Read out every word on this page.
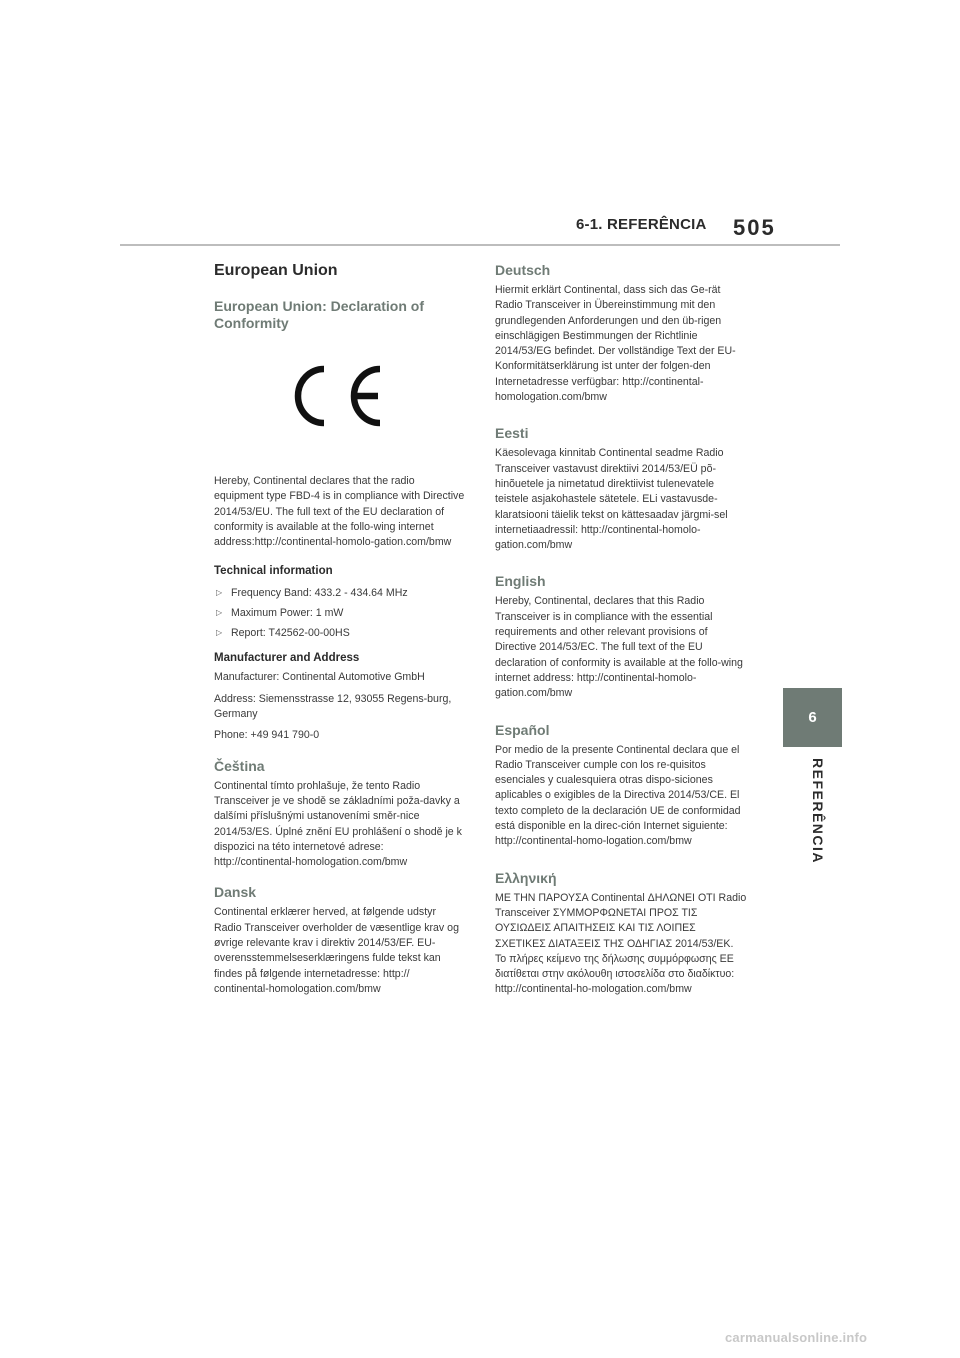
6-1. REFERÊNCIA 505
6
REFERÊNCIA
European Union
European Union: Declaration of Conformity

Hereby, Continental declares that the radio equipment type FBD-4 is in compliance with Directive 2014/53/EU. The full text of the EU declaration of conformity is available at the follo-wing internet address:http://continental-homolo-gation.com/bmw

Technical information
▷ Frequency Band: 433.2 - 434.64 MHz
▷ Maximum Power: 1 mW
▷ Report: T42562-00-00HS
Manufacturer and Address

Manufacturer: Continental Automotive GmbH

Address: Siemensstrasse 12, 93055 Regens-burg, Germany

Phone: +49 941 790-0

Čeština

Continental tímto prohlašuje, že tento Radio Transceiver je ve shodě se základními poža-davky a dalšími příslušnými ustanoveními směr-nice 2014/53/ES. Úplné znění EU prohlášení o shodě je k dispozici na této internetové adrese: http://continental-homologation.com/bmw

Dansk

Continental erklærer herved, at følgende udstyr Radio Transceiver overholder de væsentlige krav og øvrige relevante krav i direktiv 2014/53/EF. EU-overensstemmelseserklæringens fulde tekst kan findes på følgende internetadresse: http:// continental-homologation.com/bmw

Deutsch

Hiermit erklärt Continental, dass sich das Ge-rät Radio Transceiver in Übereinstimmung mit den grundlegenden Anforderungen und den üb-rigen einschlägigen Bestimmungen der Richtlinie 2014/53/EG befindet. Der vollständige Text der EU-Konformitätserklärung ist unter der folgen-den Internetadresse verfügbar: http://continental-homologation.com/bmw

Eesti

Käesolevaga kinnitab Continental seadme Radio Transceiver vastavust direktiivi 2014/53/EÜ põ-hinõuetele ja nimetatud direktiivist tulenevatele teistele asjakohastele sätetele. ELi vastavusde-klaratsiooni täielik tekst on kättesaadav järgmi-sel internetiaadressil: http://continental-homolo-gation.com/bmw

English

Hereby, Continental, declares that this Radio Transceiver is in compliance with the essential requirements and other relevant provisions of Directive 2014/53/EC. The full text of the EU declaration of conformity is available at the follo-wing internet address: http://continental-homolo-gation.com/bmw

Español

Por medio de la presente Continental declara que el Radio Transceiver cumple con los re-quisitos esenciales y cualesquiera otras dispo-siciones aplicables o exigibles de la Directiva 2014/53/CE. El texto completo de la declaración UE de conformidad está disponible en la direc-ción Internet siguiente: http://continental-homo-logation.com/bmw

Ελληνική

ΜΕ ΤΗΝ ΠΑΡΟΥΣΑ Continental ΔΗΛΩΝΕΙ ΟΤΙ Radio Transceiver ΣΥΜΜΟΡΦΩΝΕΤΑΙ ΠΡΟΣ ΤΙΣ ΟΥΣΙΩΔΕΙΣ ΑΠΑΙΤΗΣΕΙΣ ΚΑΙ ΤΙΣ ΛΟΙΠΕΣ ΣΧΕΤΙΚΕΣ ΔΙΑΤΑΞΕΙΣ ΤΗΣ ΟΔΗΓΙΑΣ 2014/53/ΕΚ. Το πλήρες κείμενο της δήλωσης συμμόρφωσης ΕΕ διατίθεται στην ακόλουθη ιστοσελίδα στο διαδίκτυο: http://continental-ho-mologation.com/bmw

carmanualsonline.info
